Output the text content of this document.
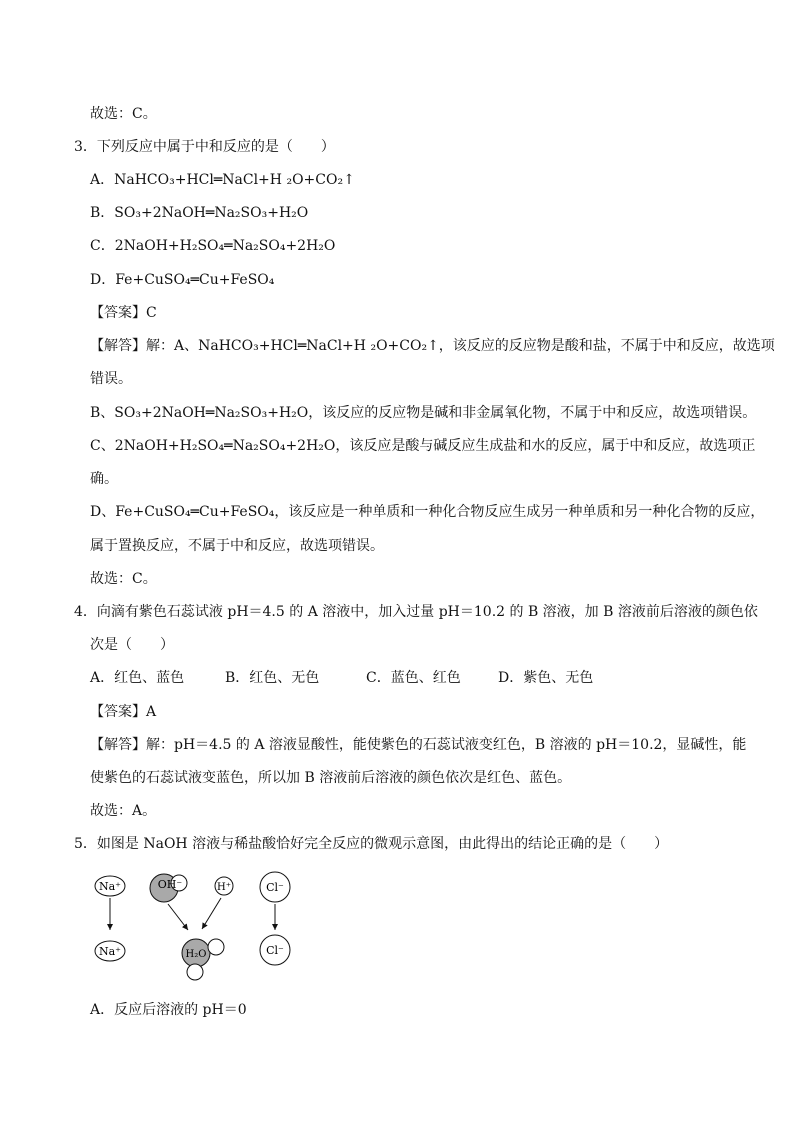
故选：C。
3．下列反应中属于中和反应的是（　　）
A．NaHCO₃+HCl═NaCl+H ₂O+CO₂↑
B．SO₃+2NaOH═Na₂SO₃+H₂O
C．2NaOH+H₂SO₄═Na₂SO₄+2H₂O
D．Fe+CuSO₄═Cu+FeSO₄
【答案】C
【解答】解：A、NaHCO₃+HCl═NaCl+H ₂O+CO₂↑，该反应的反应物是酸和盐，不属于中和反应，故选项
错误。
B、SO₃+2NaOH═Na₂SO₃+H₂O，该反应的反应物是碱和非金属氧化物，不属于中和反应，故选项错误。
C、2NaOH+H₂SO₄═Na₂SO₄+2H₂O，该反应是酸与碱反应生成盐和水的反应，属于中和反应，故选项正
确。
D、Fe+CuSO₄═Cu+FeSO₄，该反应是一种单质和一种化合物反应生成另一种单质和另一种化合物的反应，
属于置换反应，不属于中和反应，故选项错误。
故选：C。
4．向滴有紫色石蕊试液 pH＝4.5 的 A 溶液中，加入过量 pH＝10.2 的 B 溶液，加 B 溶液前后溶液的颜色依
次是（　　）
A．红色、蓝色	B．红色、无色	C．蓝色、红色	D．紫色、无色
【答案】A
【解答】解：pH＝4.5 的 A 溶液显酸性，能使紫色的石蕊试液变红色，B 溶液的 pH＝10.2，显碱性，能
使紫色的石蕊试液变蓝色，所以加 B 溶液前后溶液的颜色依次是红色、蓝色。
故选：A。
5．如图是 NaOH 溶液与稀盐酸恰好完全反应的微观示意图，由此得出的结论正确的是（　　）
Na⁺	OH⁻	H⁺	Cl⁻
Na⁺	H₂O	Cl⁻
A．反应后溶液的 pH＝0
